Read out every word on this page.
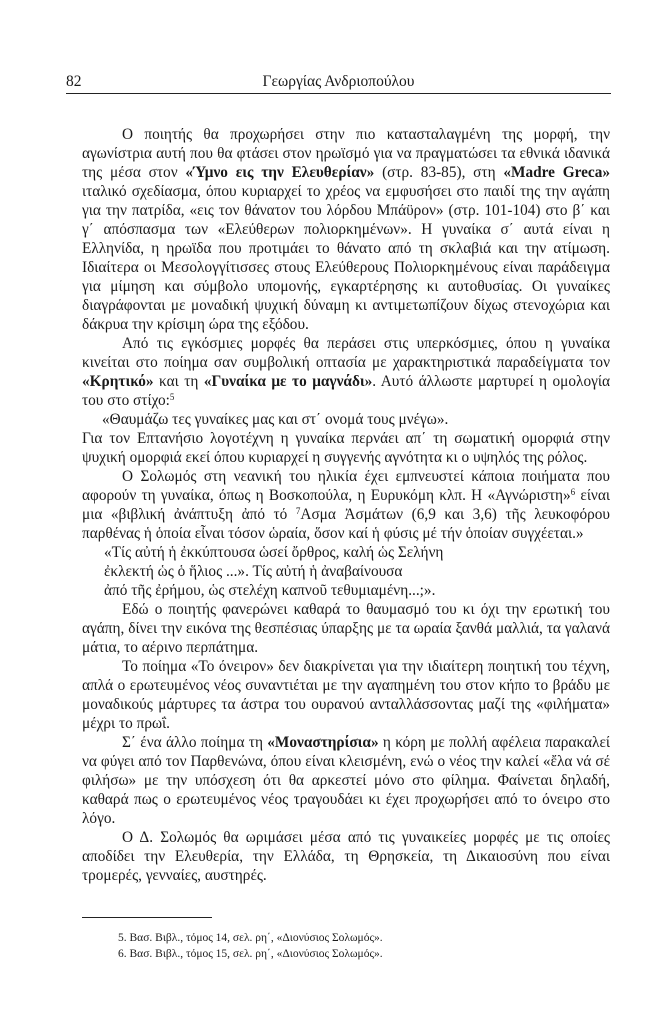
82	Γεωργίας Ανδριοπούλου

Ο ποιητής θα προχωρήσει στην πιο κατασταλαγμένη της μορφή, την αγωνίστρια αυτή που θα φτάσει στον ηρωϊσμό για να πραγματώσει τα εθνικά ιδανικά της μέσα στον «Ύμνο εις την Ελευθερίαν» (στρ. 83-85), στη «Madre Greca» ιταλικό σχεδίασμα, όπου κυριαρχεί το χρέος να εμφυσήσει στο παιδί της την αγάπη για την πατρίδα, «εις τον θάνατον του λόρδου Μπάϋρον» (στρ. 101-104) στο β΄ και γ΄ απόσπασμα των «Ελεύθερων πολιορκημένων». Η γυναίκα σ΄ αυτά είναι η Ελληνίδα, η ηρωϊδα που προτιμάει το θάνατο από τη σκλαβιά και την ατίμωση. Ιδιαίτερα οι Μεσολογγίτισσες στους Ελεύθερους Πολιορκημένους είναι παράδειγμα για μίμηση και σύμβολο υπομονής, εγκαρτέρησης κι αυτοθυσίας. Οι γυναίκες διαγράφονται με μοναδική ψυχική δύναμη κι αντιμετωπίζουν δίχως στενοχώρια και δάκρυα την κρίσιμη ώρα της εξόδου.

Από τις εγκόσμιες μορφές θα περάσει στις υπερκόσμιες, όπου η γυναίκα κινείται στο ποίημα σαν συμβολική οπτασία με χαρακτηριστικά παραδείγματα τον «Κρητικό» και τη «Γυναίκα με το μαγνάδι». Αυτό άλλωστε μαρτυρεί η ομολογία του στο στίχο:$^5$

«Θαυμάζω τες γυναίκες μας και στ΄ ονομά τους μνέγω».

Για τον Επτανήσιο λογοτέχνη η γυναίκα περνάει απ΄ τη σωματική ομορφιά στην ψυχική ομορφιά εκεί όπου κυριαρχεί η συγγενής αγνότητα κι ο υψηλός της ρόλος.

Ο Σολωμός στη νεανική του ηλικία έχει εμπνευστεί κάποια ποιήματα που αφορούν τη γυναίκα, όπως η Βοσκοπούλα, η Ευρυκόμη κλπ. Η «Αγνώριστη»$^6$ είναι μια «βιβλική ἀνάπτυξη ἀπό τό $^7$Ασμα Ἀσμάτων (6,9 και 3,6) τῆς λευκοφόρου παρθένας ἡ ὁποία εἶναι τόσον ὡραία, ὅσον καί ἡ φύσις μέ τήν ὁποίαν συγχέεται.»

«Τίς αὐτή ἡ ἐκκύπτουσα ὡσεί ὄρθρος, καλή ὡς Σελήνη

ἐκλεκτή ὡς ὁ ἥλιος ...». Τίς αὐτή ἡ ἀναβαίνουσα

ἀπό τῆς ἐρήμου, ὡς στελέχη καπνοῦ τεθυμιαμένη...;».

Εδώ ο ποιητής φανερώνει καθαρά το θαυμασμό του κι όχι την ερωτική του αγάπη, δίνει την εικόνα της θεσπέσιας ύπαρξης με τα ωραία ξανθά μαλλιά, τα γαλανά μάτια, το αέρινο περπάτημα.

Το ποίημα «Το όνειρον» δεν διακρίνεται για την ιδιαίτερη ποιητική του τέχνη, απλά ο ερωτευμένος νέος συναντιέται με την αγαπημένη του στον κήπο το βράδυ με μοναδικούς μάρτυρες τα άστρα του ουρανού ανταλλάσσοντας μαζί της «φιλήματα» μέχρι το πρωΐ.

Σ΄ ένα άλλο ποίημα τη «Μοναστηρίσια» η κόρη με πολλή αφέλεια παρακαλεί να φύγει από τον Παρθενώνα, όπου είναι κλεισμένη, ενώ ο νέος την καλεί «ἔλα νά σέ φιλήσω» με την υπόσχεση ότι θα αρκεστεί μόνο στο φίλημα. Φαίνεται δηλαδή, καθαρά πως ο ερωτευμένος νέος τραγουδάει κι έχει προχωρήσει από το όνειρο στο λόγο.

Ο Δ. Σολωμός θα ωριμάσει μέσα από τις γυναικείες μορφές με τις οποίες αποδίδει την Ελευθερία, την Ελλάδα, τη Θρησκεία, τη Δικαιοσύνη που είναι τρομερές, γενναίες, αυστηρές.

5. Βασ. Βιβλ., τόμος 14, σελ. ρη΄, «Διονύσιος Σολωμός».

6. Βασ. Βιβλ., τόμος 15, σελ. ρη΄, «Διονύσιος Σολωμός».
